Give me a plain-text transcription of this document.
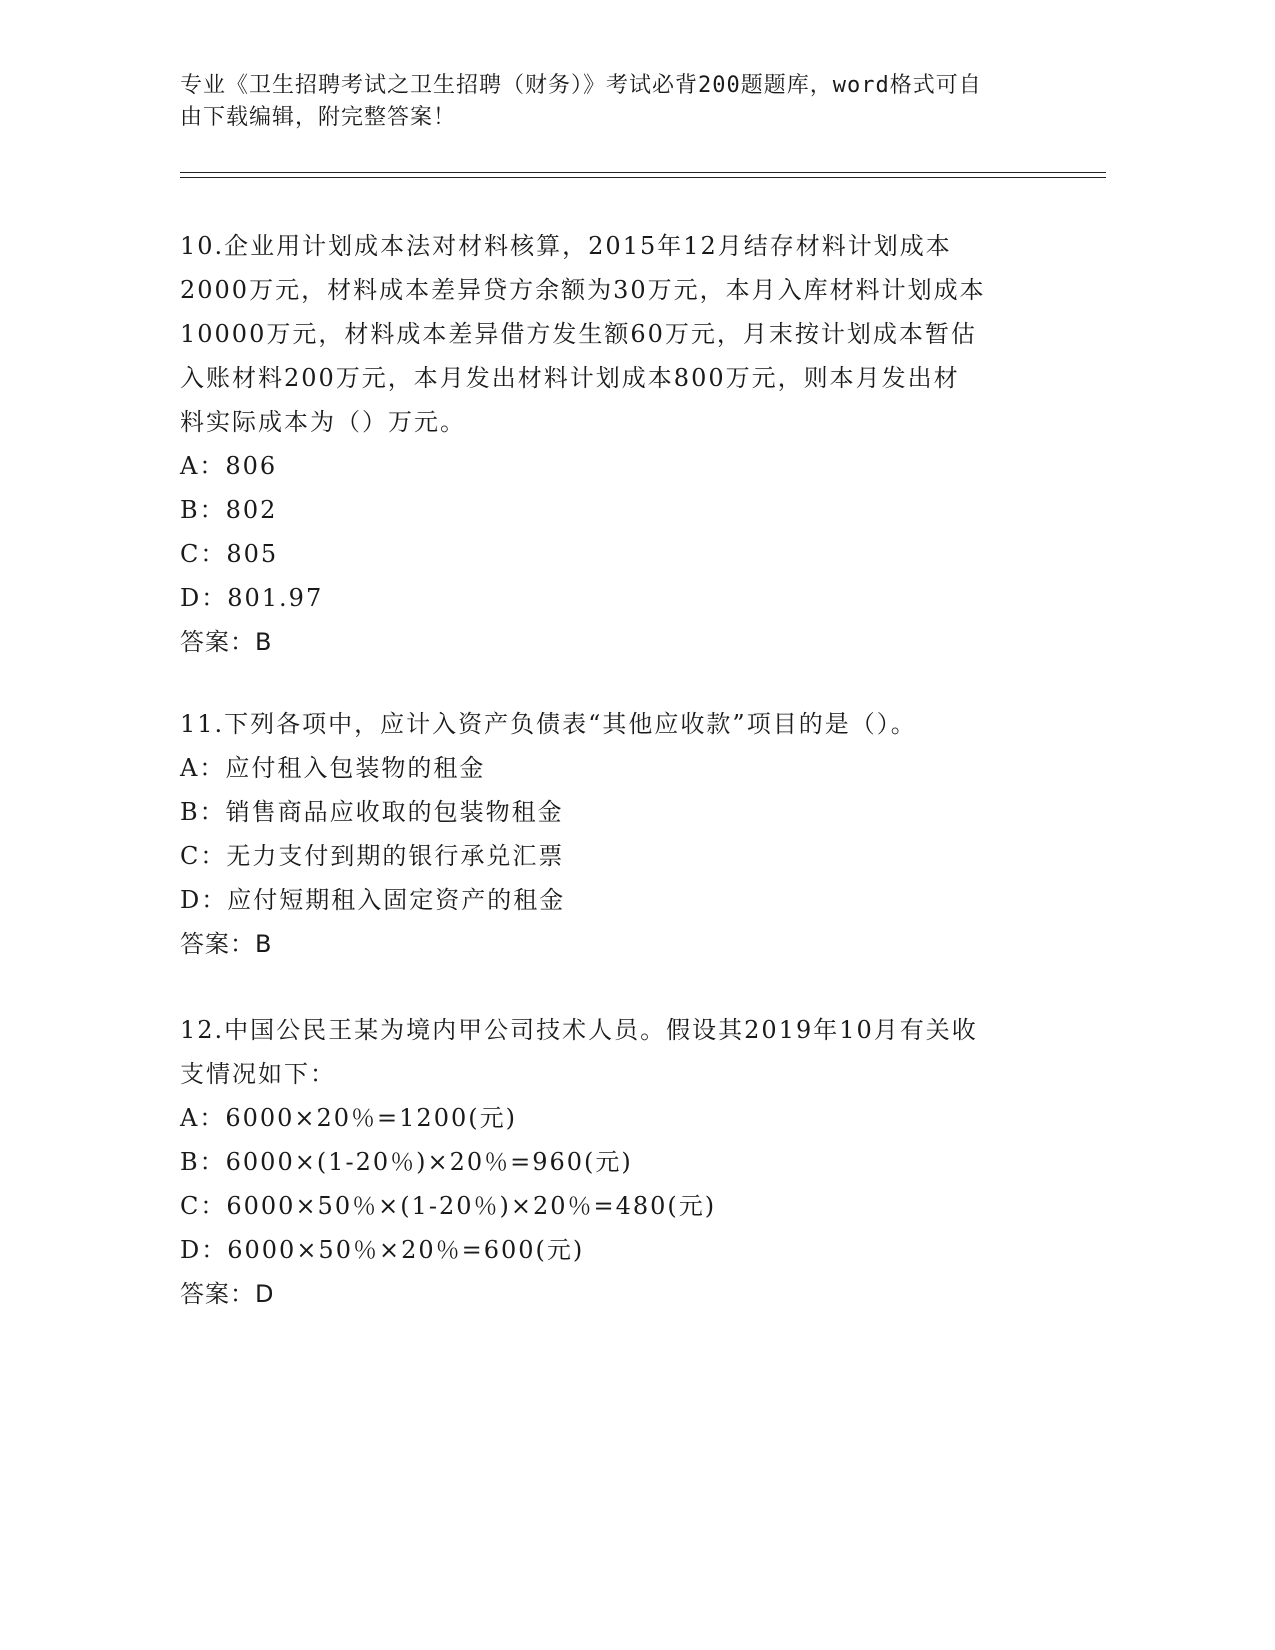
专业《卫生招聘考试之卫生招聘（财务）》考试必背200题题库，word格式可自

由下载编辑，附完整答案！

10.企业用计划成本法对材料核算，2015年12月结存材料计划成本

2000万元，材料成本差异贷方余额为30万元，本月入库材料计划成本

10000万元，材料成本差异借方发生额60万元，月末按计划成本暂估

入账材料200万元，本月发出材料计划成本800万元，则本月发出材

料实际成本为（）万元。

A：806
B：802
C：805
D：801.97
答案：B

11.下列各项中，应计入资产负债表“其他应收款”项目的是（）。

A：应付租入包装物的租金
B：销售商品应收取的包装物租金
C：无力支付到期的银行承兑汇票
D：应付短期租入固定资产的租金
答案：B

12.中国公民王某为境内甲公司技术人员。假设其2019年10月有关收

支情况如下：

A：6000×20％=1200(元)
B：6000×(1-20％)×20％=960(元)
C：6000×50％×(1-20％)×20％=480(元)
D：6000×50％×20％=600(元)
答案：D
